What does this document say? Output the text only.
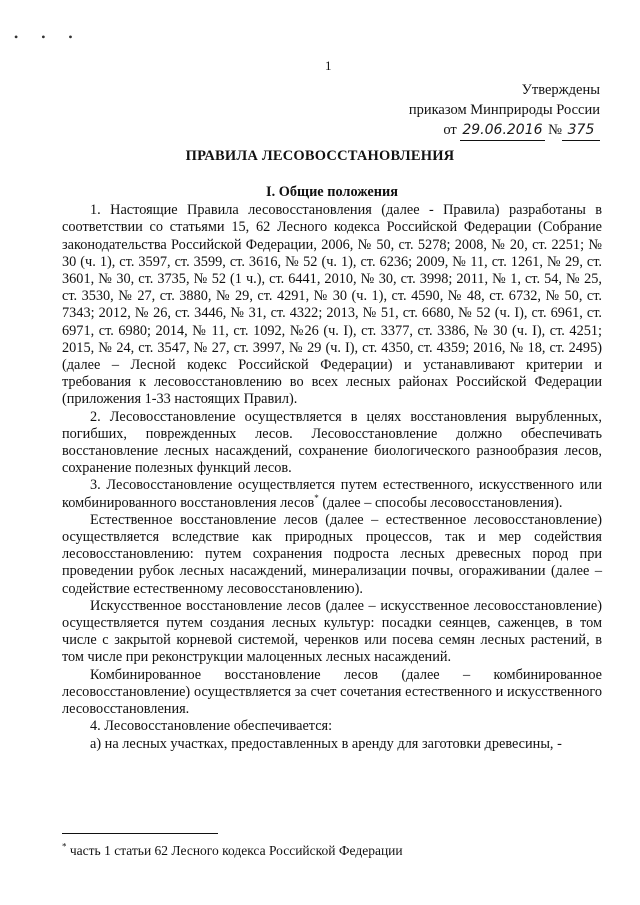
• • •
1
Утверждены
приказом Минприроды России
от 29.06.2016 № 375
ПРАВИЛА ЛЕСОВОССТАНОВЛЕНИЯ
I. Общие положения

1. Настоящие Правила лесовосстановления (далее - Правила) разработаны в соответствии со статьями 15, 62 Лесного кодекса Российской Федерации (Собрание законодательства Российской Федерации, 2006, № 50, ст. 5278; 2008, № 20, ст. 2251; № 30 (ч. 1), ст. 3597, ст. 3599, ст. 3616, № 52 (ч. 1), ст. 6236; 2009, № 11, ст. 1261, № 29, ст. 3601, № 30, ст. 3735, № 52 (1 ч.), ст. 6441, 2010, № 30, ст. 3998; 2011, № 1, ст. 54, № 25, ст. 3530, № 27, ст. 3880, № 29, ст. 4291, № 30 (ч. 1), ст. 4590, № 48, ст. 6732, № 50, ст. 7343; 2012, № 26, ст. 3446, № 31, ст. 4322; 2013, № 51, ст. 6680, № 52 (ч. I), ст. 6961, ст. 6971, ст. 6980; 2014, № 11, ст. 1092, №26 (ч. I), ст. 3377, ст. 3386, № 30 (ч. I), ст. 4251; 2015, № 24, ст. 3547, № 27, ст. 3997, № 29 (ч. I), ст. 4350, ст. 4359; 2016, № 18, ст. 2495) (далее – Лесной кодекс Российской Федерации) и устанавливают критерии и требования к лесовосстановлению во всех лесных районах Российской Федерации (приложения 1-33 настоящих Правил).

2. Лесовосстановление осуществляется в целях восстановления вырубленных, погибших, поврежденных лесов. Лесовосстановление должно обеспечивать восстановление лесных насаждений, сохранение биологического разнообразия лесов, сохранение полезных функций лесов.

3. Лесовосстановление осуществляется путем естественного, искусственного или комбинированного восстановления лесов* (далее – способы лесовосстановления).

Естественное восстановление лесов (далее – естественное лесовосстановление) осуществляется вследствие как природных процессов, так и мер содействия лесовосстановлению: путем сохранения подроста лесных древесных пород при проведении рубок лесных насаждений, минерализации почвы, огораживании (далее – содействие естественному лесовосстановлению).

Искусственное восстановление лесов (далее – искусственное лесовосстановление) осуществляется путем создания лесных культур: посадки сеянцев, саженцев, в том числе с закрытой корневой системой, черенков или посева семян лесных растений, в том числе при реконструкции малоценных лесных насаждений.

Комбинированное восстановление лесов (далее – комбинированное лесовосстановление) осуществляется за счет сочетания естественного и искусственного лесовосстановления.

4. Лесовосстановление обеспечивается:

а) на лесных участках, предоставленных в аренду для заготовки древесины, -

* часть 1 статьи 62 Лесного кодекса Российской Федерации
